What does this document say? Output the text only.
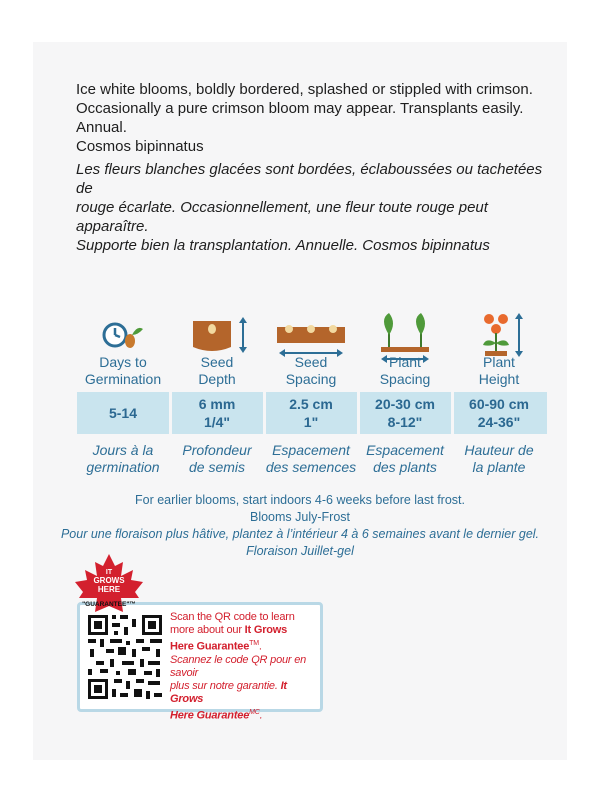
Ice white blooms, boldly bordered, splashed or stippled with crimson.
Occasionally a pure crimson bloom may appear. Transplants easily. Annual.
Cosmos bipinnatus
Les fleurs blanches glacées sont bordées, éclaboussées ou tachetées de
rouge écarlate. Occasionnellement, une fleur toute rouge peut apparaître.
Supporte bien la transplantation. Annuelle. Cosmos bipinnatus
Days to
Germination
Seed
Depth
Seed
Spacing
Plant
Spacing
Plant
Height
5-14
6 mm
1/4"
2.5 cm
1"
20-30 cm
8-12"
60-90 cm
24-36"
Jours à la
germination
Profondeur
de semis
Espacement
des semences
Espacement
des plants
Hauteur de
la plante
For earlier blooms, start indoors 4-6 weeks before last frost.
Blooms July-Frost
Pour une floraison plus hâtive, plantez à l’intérieur 4 à 6 semaines avant le dernier gel.
Floraison Juillet-gel
Scan the QR code to learn
more about our It Grows
Here Guarantee™.
Scannez le code QR pour en savoir
plus sur notre garantie. It Grows
Here Guarantee$^{MC}$.
IT
GROWS
HERE
"GUARANTEE"™
